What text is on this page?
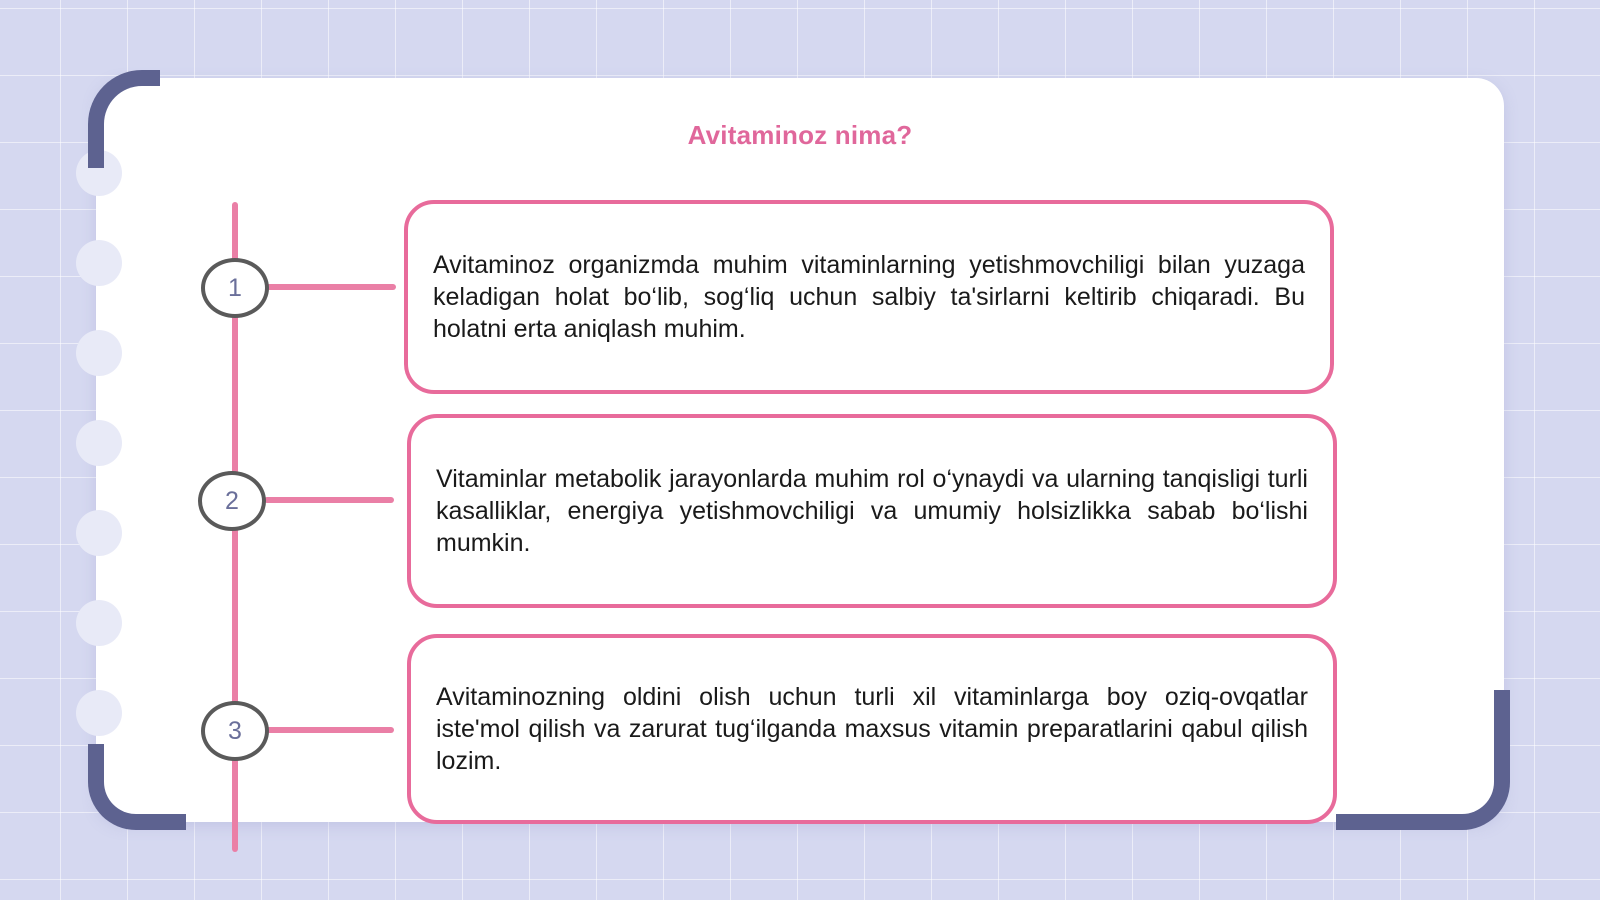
Avitaminoz nima?
1

Avitaminoz organizmda muhim vitaminlarning yetishmovchiligi bilan yuzaga keladigan holat bo‘lib, sog‘liq uchun salbiy ta'sirlarni keltirib chiqaradi. Bu holatni erta aniqlash muhim.

2

Vitaminlar metabolik jarayonlarda muhim rol o‘ynaydi va ularning tanqisligi turli kasalliklar, energiya yetishmovchiligi va umumiy holsizlikka sabab bo‘lishi mumkin.

3

Avitaminozning oldini olish uchun turli xil vitaminlarga boy oziq-ovqatlar iste'mol qilish va zarurat tug‘ilganda maxsus vitamin preparatlarini qabul qilish lozim.
